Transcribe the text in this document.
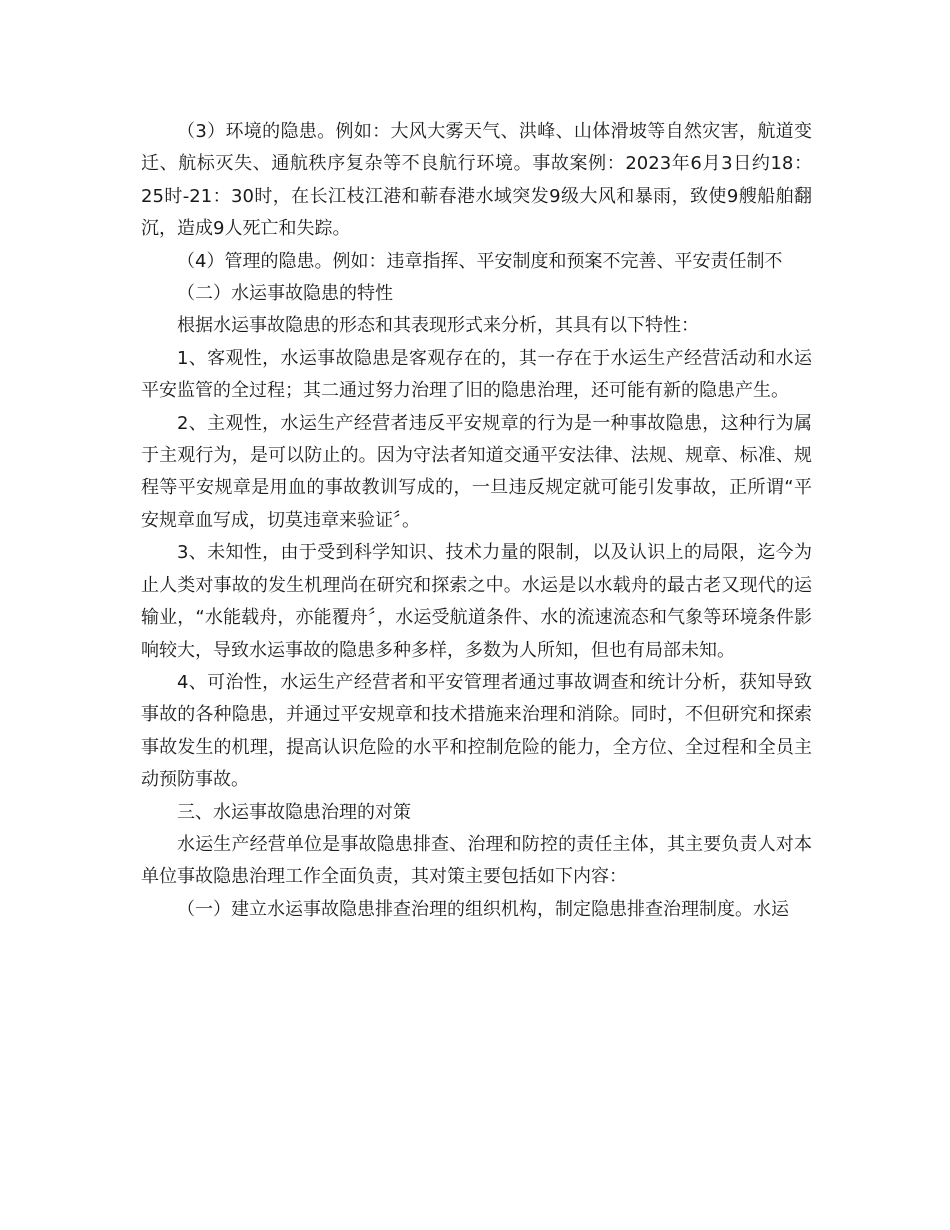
（3）环境的隐患。例如：大风大雾天气、洪峰、山体滑坡等自然灾害，航道变迁、航标灭失、通航秩序复杂等不良航行环境。事故案例：2023年6月3日约18：25时-21：30时，在长江枝江港和蕲春港水域突发9级大风和暴雨，致使9艘船舶翻沉，造成9人死亡和失踪。

（4）管理的隐患。例如：违章指挥、平安制度和预案不完善、平安责任制不

（二）水运事故隐患的特性

根据水运事故隐患的形态和其表现形式来分析，其具有以下特性：

1、客观性，水运事故隐患是客观存在的，其一存在于水运生产经营活动和水运平安监管的全过程；其二通过努力治理了旧的隐患治理，还可能有新的隐患产生。

2、主观性，水运生产经营者违反平安规章的行为是一种事故隐患，这种行为属于主观行为，是可以防止的。因为守法者知道交通平安法律、法规、规章、标准、规程等平安规章是用血的事故教训写成的，一旦违反规定就可能引发事故，正所谓“平安规章血写成，切莫违章来验证〞。

3、未知性，由于受到科学知识、技术力量的限制，以及认识上的局限，迄今为止人类对事故的发生机理尚在研究和探索之中。水运是以水载舟的最古老又现代的运输业，“水能载舟，亦能覆舟〞，水运受航道条件、水的流速流态和气象等环境条件影响较大，导致水运事故的隐患多种多样，多数为人所知，但也有局部未知。

4、可治性，水运生产经营者和平安管理者通过事故调查和统计分析，获知导致事故的各种隐患，并通过平安规章和技术措施来治理和消除。同时，不但研究和探索事故发生的机理，提高认识危险的水平和控制危险的能力，全方位、全过程和全员主动预防事故。

三、水运事故隐患治理的对策

水运生产经营单位是事故隐患排查、治理和防控的责任主体，其主要负责人对本单位事故隐患治理工作全面负责，其对策主要包括如下内容：

（一）建立水运事故隐患排查治理的组织机构，制定隐患排查治理制度。水运
